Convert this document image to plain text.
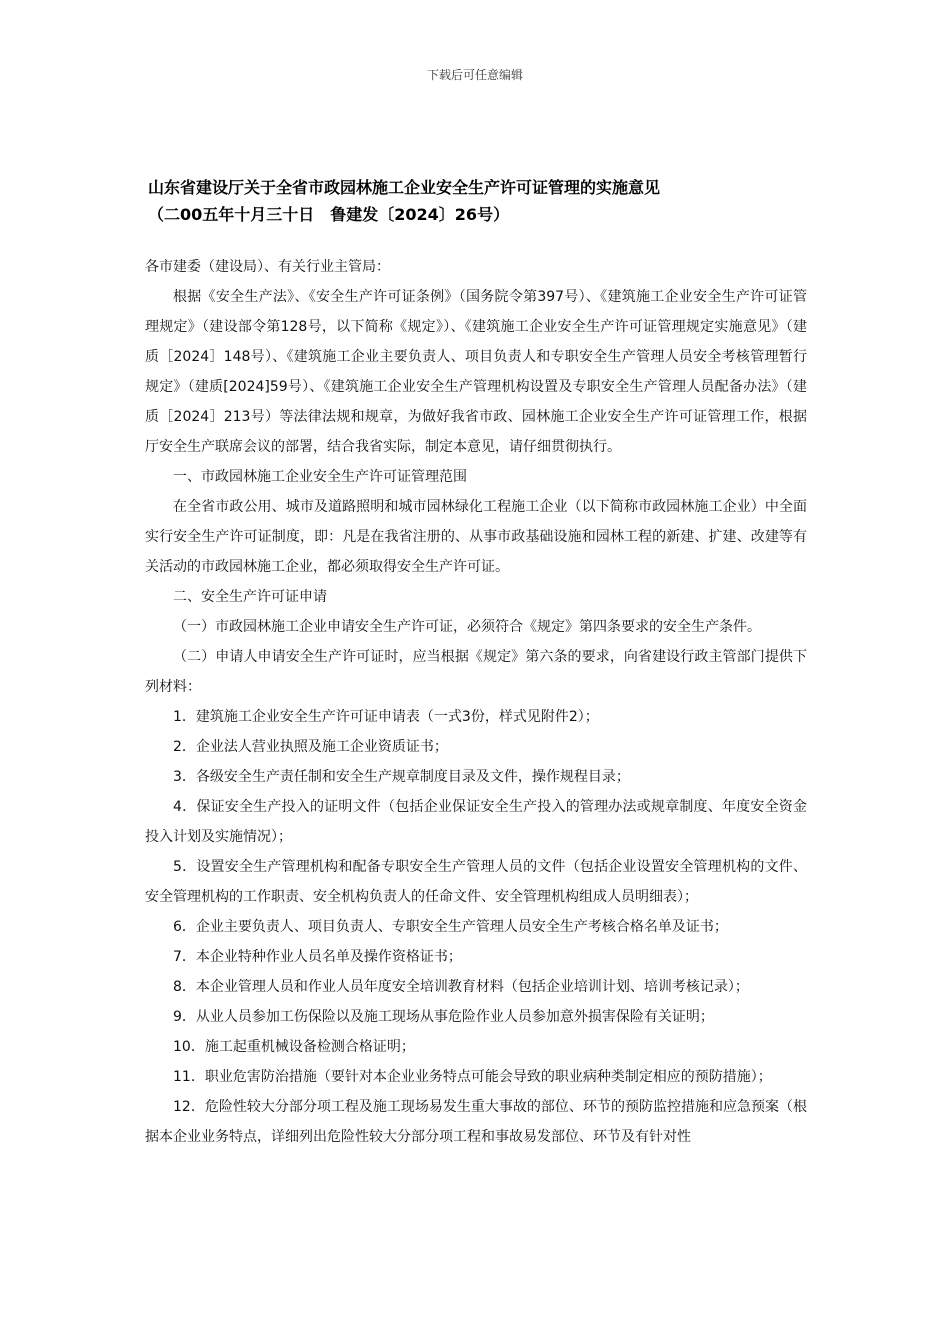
下载后可任意编辑
山东省建设厅关于全省市政园林施工企业安全生产许可证管理的实施意见
（二00五年十月三十日　鲁建发〔2024〕26号）

各市建委（建设局）、有关行业主管局：

根据《安全生产法》、《安全生产许可证条例》（国务院令第397号）、《建筑施工企业安全生产许可证管理规定》（建设部令第128号，以下简称《规定》）、《建筑施工企业安全生产许可证管理规定实施意见》（建质［2024］148号）、《建筑施工企业主要负责人、项目负责人和专职安全生产管理人员安全考核管理暂行规定》（建质[2024]59号）、《建筑施工企业安全生产管理机构设置及专职安全生产管理人员配备办法》（建质［2024］213号）等法律法规和规章，为做好我省市政、园林施工企业安全生产许可证管理工作，根据厅安全生产联席会议的部署，结合我省实际，制定本意见，请仔细贯彻执行。

一、市政园林施工企业安全生产许可证管理范围

在全省市政公用、城市及道路照明和城市园林绿化工程施工企业（以下简称市政园林施工企业）中全面实行安全生产许可证制度，即：凡是在我省注册的、从事市政基础设施和园林工程的新建、扩建、改建等有关活动的市政园林施工企业，都必须取得安全生产许可证。

二、安全生产许可证申请

（一）市政园林施工企业申请安全生产许可证，必须符合《规定》第四条要求的安全生产条件。

（二）申请人申请安全生产许可证时，应当根据《规定》第六条的要求，向省建设行政主管部门提供下列材料：

1．建筑施工企业安全生产许可证申请表（一式3份，样式见附件2）；

2．企业法人营业执照及施工企业资质证书；

3．各级安全生产责任制和安全生产规章制度目录及文件，操作规程目录；

4．保证安全生产投入的证明文件（包括企业保证安全生产投入的管理办法或规章制度、年度安全资金投入计划及实施情况）；

5．设置安全生产管理机构和配备专职安全生产管理人员的文件（包括企业设置安全管理机构的文件、安全管理机构的工作职责、安全机构负责人的任命文件、安全管理机构组成人员明细表）；

6．企业主要负责人、项目负责人、专职安全生产管理人员安全生产考核合格名单及证书；

7．本企业特种作业人员名单及操作资格证书；

8．本企业管理人员和作业人员年度安全培训教育材料（包括企业培训计划、培训考核记录）；

9．从业人员参加工伤保险以及施工现场从事危险作业人员参加意外损害保险有关证明；

10．施工起重机械设备检测合格证明；

11．职业危害防治措施（要针对本企业业务特点可能会导致的职业病种类制定相应的预防措施）；

12．危险性较大分部分项工程及施工现场易发生重大事故的部位、环节的预防监控措施和应急预案（根据本企业业务特点，详细列出危险性较大分部分项工程和事故易发部位、环节及有针对性
